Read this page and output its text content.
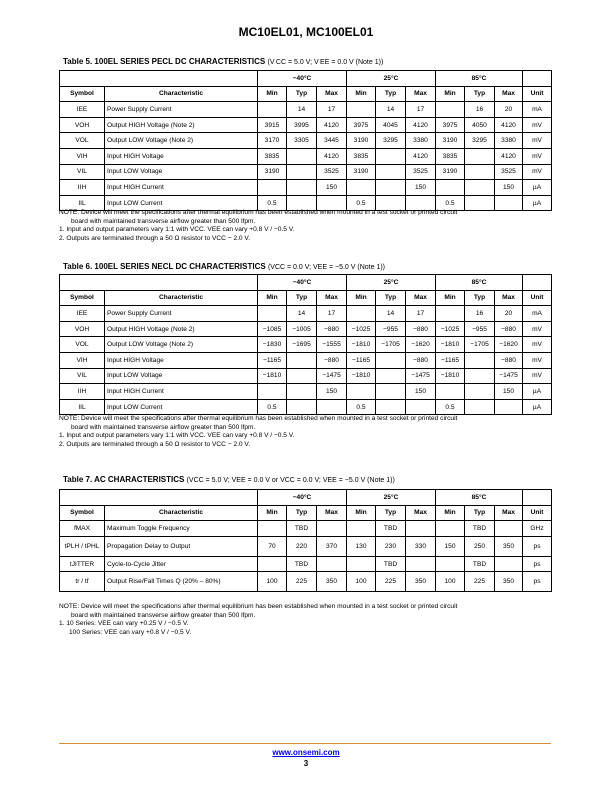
MC10EL01, MC100EL01
Table 5. 100EL SERIES PECL DC CHARACTERISTICS (V CC = 5.0 V; V EE = 0.0 V (Note 1))
		−40°C			25°C			85°C			
Symbol	Characteristic	Min	Typ	Max	Min	Typ	Max	Min	Typ	Max	Unit
IEE	Power Supply Current		14	17		14	17		16	20	mA
VOH	Output HIGH Voltage (Note 2)	3915	3995	4120	3975	4045	4120	3975	4050	4120	mV
VOL	Output LOW Voltage (Note 2)	3170	3305	3445	3190	3295	3380	3190	3295	3380	mV
VIH	Input HIGH Voltage	3835		4120	3835		4120	3835		4120	mV
VIL	Input LOW Voltage	3190		3525	3190		3525	3190		3525	mV
IIH	Input HIGH Current			150			150			150	µA
IIL	Input LOW Current	0.5			0.5			0.5			µA
NOTE: Device will meet the specifications after thermal equilibrium has been established when mounted in a test socket or printed circuit
board with maintained transverse airflow greater than 500 lfpm.
1. Input and output parameters vary 1:1 with VCC. VEE can vary +0.8 V / −0.5 V.
2. Outputs are terminated through a 50 Ω resistor to VCC − 2.0 V.
Table 6. 100EL SERIES NECL DC CHARACTERISTICS (VCC = 0.0 V; VEE = −5.0 V (Note 1))
		−40°C			25°C			85°C			
Symbol	Characteristic	Min	Typ	Max	Min	Typ	Max	Min	Typ	Max	Unit
IEE	Power Supply Current		14	17		14	17		16	20	mA
VOH	Output HIGH Voltage (Note 2)	−1085	−1005	−880	−1025	−955	−880	−1025	−955	−880	mV
VOL	Output LOW Voltage (Note 2)	−1830	−1695	−1555	−1810	−1705	−1620	−1810	−1705	−1620	mV
VIH	Input HIGH Voltage	−1165		−880	−1165		−880	−1165		−880	mV
VIL	Input LOW Voltage	−1810		−1475	−1810		−1475	−1810		−1475	mV
IIH	Input HIGH Current			150			150			150	µA
IIL	Input LOW Current	0.5			0.5			0.5			µA
NOTE: Device will meet the specifications after thermal equilibrium has been established when mounted in a test socket or printed circuit
board with maintained transverse airflow greater than 500 lfpm.
1. Input and output parameters vary 1:1 with VCC. VEE can vary +0.8 V / −0.5 V.
2. Outputs are terminated through a 50 Ω resistor to VCC − 2.0 V.
Table 7. AC CHARACTERISTICS (VCC = 5.0 V; VEE = 0.0 V or VCC = 0.0 V; VEE = −5.0 V (Note 1))
		−40°C			25°C			85°C			
Symbol	Characteristic	Min	Typ	Max	Min	Typ	Max	Min	Typ	Max	Unit
fMAX	Maximum Toggle Frequency		TBD			TBD			TBD		GHz
tPLH / tPHL	Propagation Delay to Output	70	220	370	130	230	330	150	250	350	ps
tJITTER	Cycle-to-Cycle Jitter		TBD			TBD			TBD		ps
tr / tf	Output Rise/Fall Times Q (20% – 80%)	100	225	350	100	225	350	100	225	350	ps
NOTE: Device will meet the specifications after thermal equilibrium has been established when mounted in a test socket or printed circuit
board with maintained transverse airflow greater than 500 lfpm.
1. 10 Series: VEE can vary +0.25 V / −0.5 V.
100 Series: VEE can vary +0.8 V / −0.5 V.
www.onsemi.com
3
